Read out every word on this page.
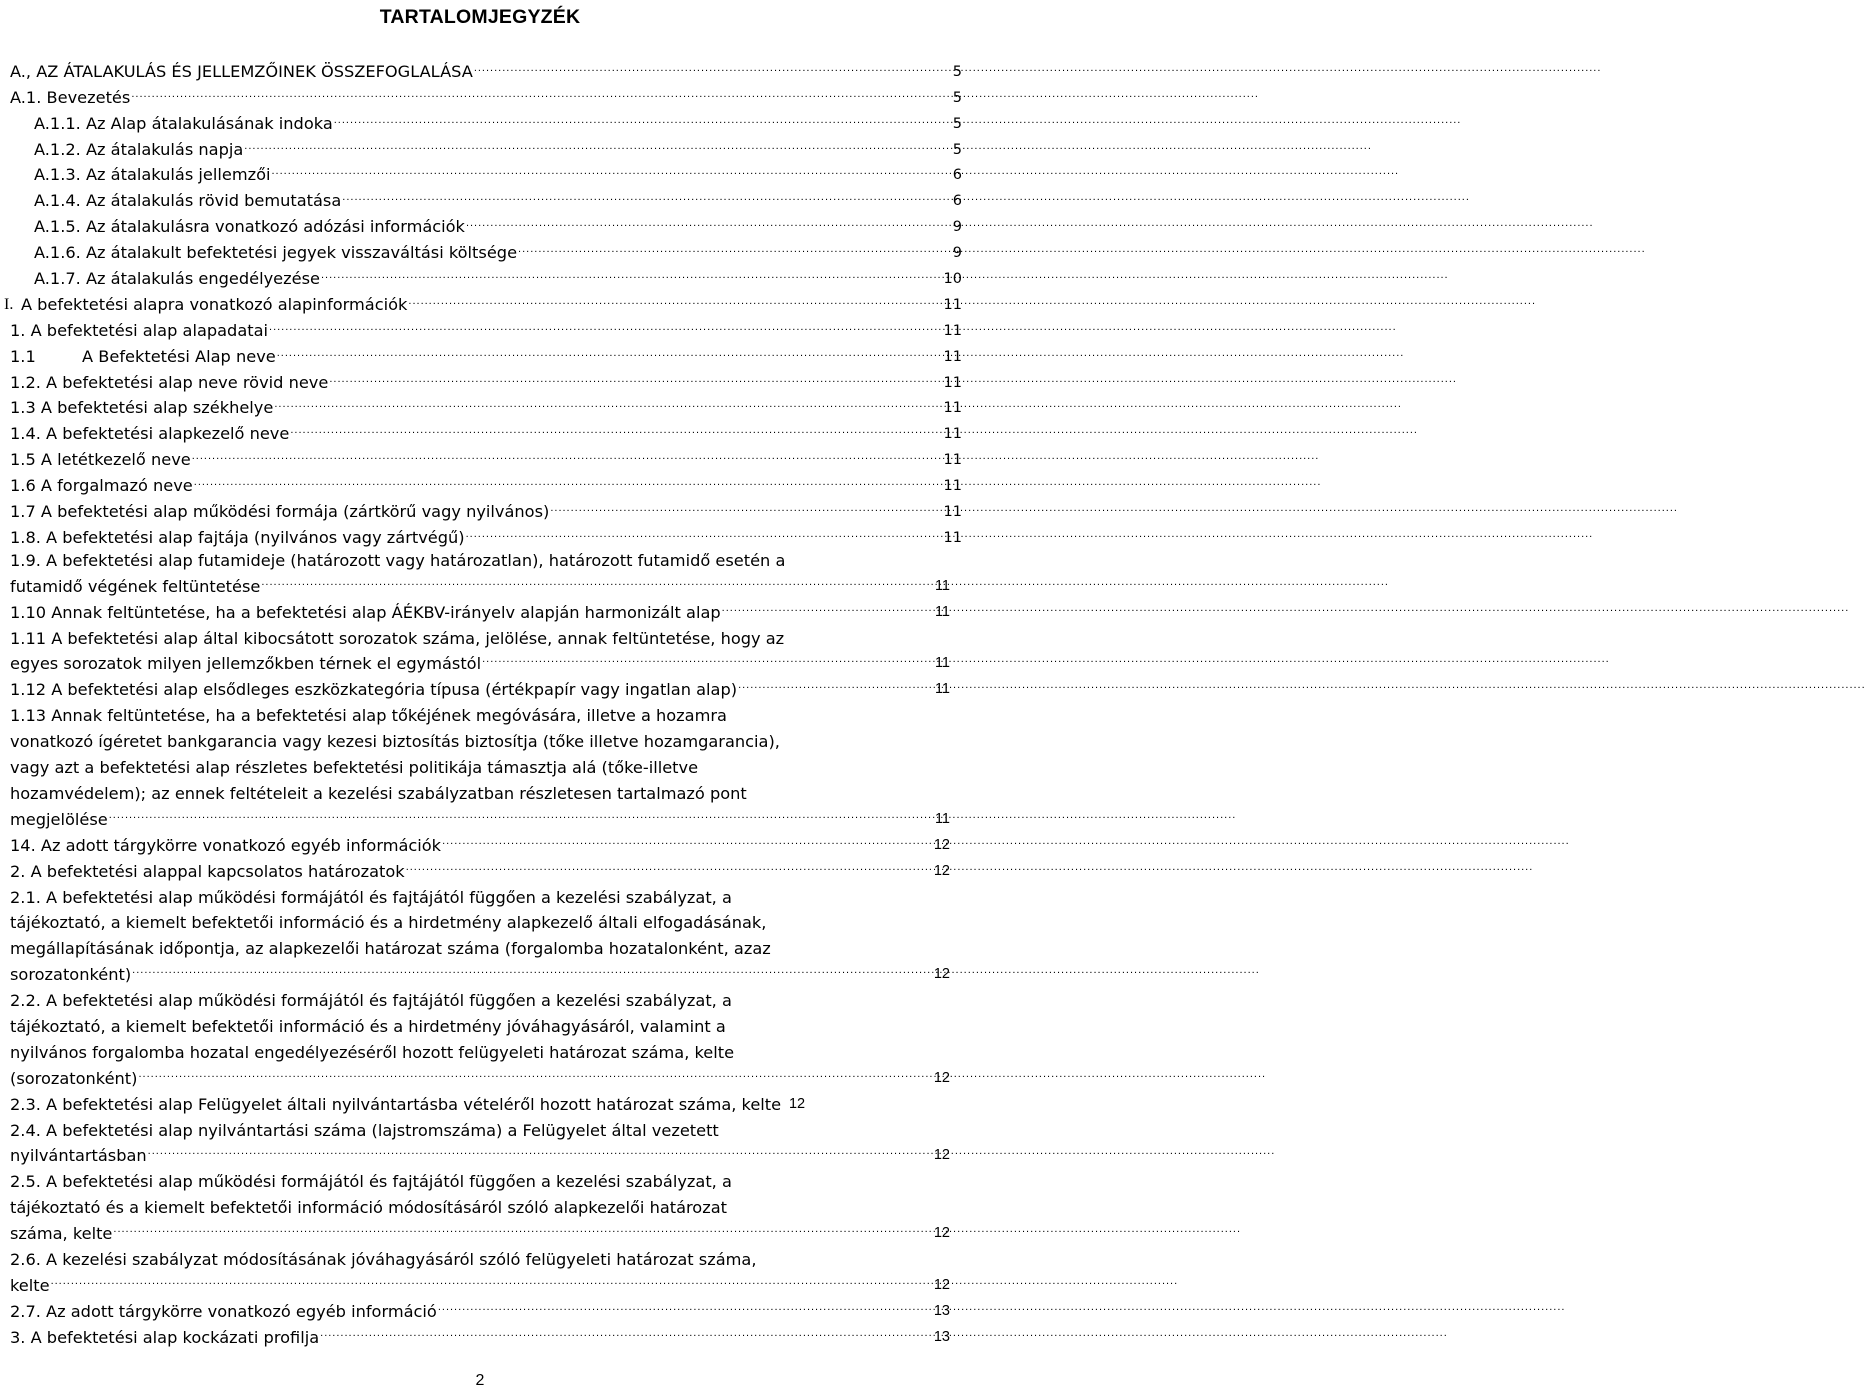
TARTALOMJEGYZÉK
A., AZ ÁTALAKULÁS ÉS JELLEMZŐINEK ÖSSZEFOGLALÁSA .....	5
A.1. Bevezetés .....	5
A.1.1. Az Alap átalakulásának indoka .....	5
A.1.2. Az átalakulás napja .....	5
A.1.3. Az átalakulás jellemzői .....	6
A.1.4. Az átalakulás rövid bemutatása .....	6
A.1.5. Az átalakulásra vonatkozó adózási információk .....	9
A.1.6. Az átalakult befektetési jegyek visszaváltási költsége .....	9
A.1.7. Az átalakulás engedélyezése .....	10
I. A befektetési alapra vonatkozó alapinformációk .....	11
1. A befektetési alap alapadatai .....	11
1.1         A Befektetési Alap neve .....	11
1.2. A befektetési alap neve rövid neve .....	11
1.3 A befektetési alap székhelye .....	11
1.4. A befektetési alapkezelő neve .....	11
1.5 A letétkezelő neve .....	11
1.6 A forgalmazó neve .....	11
1.7 A befektetési alap működési formája (zártkörű vagy nyilvános) .....	11
1.8. A befektetési alap fajtája (nyilvános vagy zártvégű) .....	11
1.9. A befektetési alap futamideje (határozott vagy határozatlan), határozott futamidő esetén a
futamidő végének feltüntetése .....	11
1.10 Annak feltüntetése, ha a befektetési alap ÁÉKBV-irányelv alapján harmonizált alap .....	11
1.11 A befektetési alap által kibocsátott sorozatok száma, jelölése, annak feltüntetése, hogy az
egyes sorozatok milyen jellemzőkben térnek el egymástól .....	11
1.12 A befektetési alap elsődleges eszközkategória típusa (értékpapír vagy ingatlan alap) .....	11
1.13 Annak feltüntetése, ha a befektetési alap tőkéjének megóvására, illetve a hozamra
vonatkozó ígéretet bankgarancia vagy kezesi biztosítás biztosítja (tőke illetve hozamgarancia),
vagy azt a befektetési alap részletes befektetési politikája támasztja alá (tőke-illetve
hozamvédelem); az ennek feltételeit a kezelési szabályzatban részletesen tartalmazó pont
megjelölése .....	11
14. Az adott tárgykörre vonatkozó egyéb információk .....	12
2. A befektetési alappal kapcsolatos határozatok .....	12
2.1. A befektetési alap működési formájától és fajtájától függően a kezelési szabályzat, a
tájékoztató, a kiemelt befektetői információ és a hirdetmény alapkezelő általi elfogadásának,
megállapításának időpontja, az alapkezelői határozat száma (forgalomba hozatalonként, azaz
sorozatonként) .....	12
2.2. A befektetési alap működési formájától és fajtájától függően a kezelési szabályzat, a
tájékoztató, a kiemelt befektetői információ és a hirdetmény jóváhagyásáról, valamint a
nyilvános forgalomba hozatal engedélyezéséről hozott felügyeleti határozat száma, kelte
(sorozatonként) .....	12
2.3. A befektetési alap Felügyelet általi nyilvántartásba vételéről hozott határozat száma, kelte 12
2.4. A befektetési alap nyilvántartási száma (lajstromszáma) a Felügyelet által vezetett
nyilvántartásban .....	12
2.5. A befektetési alap működési formájától és fajtájától függően a kezelési szabályzat, a
tájékoztató és a kiemelt befektetői információ módosításáról szóló alapkezelői határozat
száma, kelte .....	12
2.6. A kezelési szabályzat módosításának jóváhagyásáról szóló felügyeleti határozat száma,
kelte .....	12
2.7. Az adott tárgykörre vonatkozó egyéb információ .....	13
3. A befektetési alap kockázati profilja .....	13
2
